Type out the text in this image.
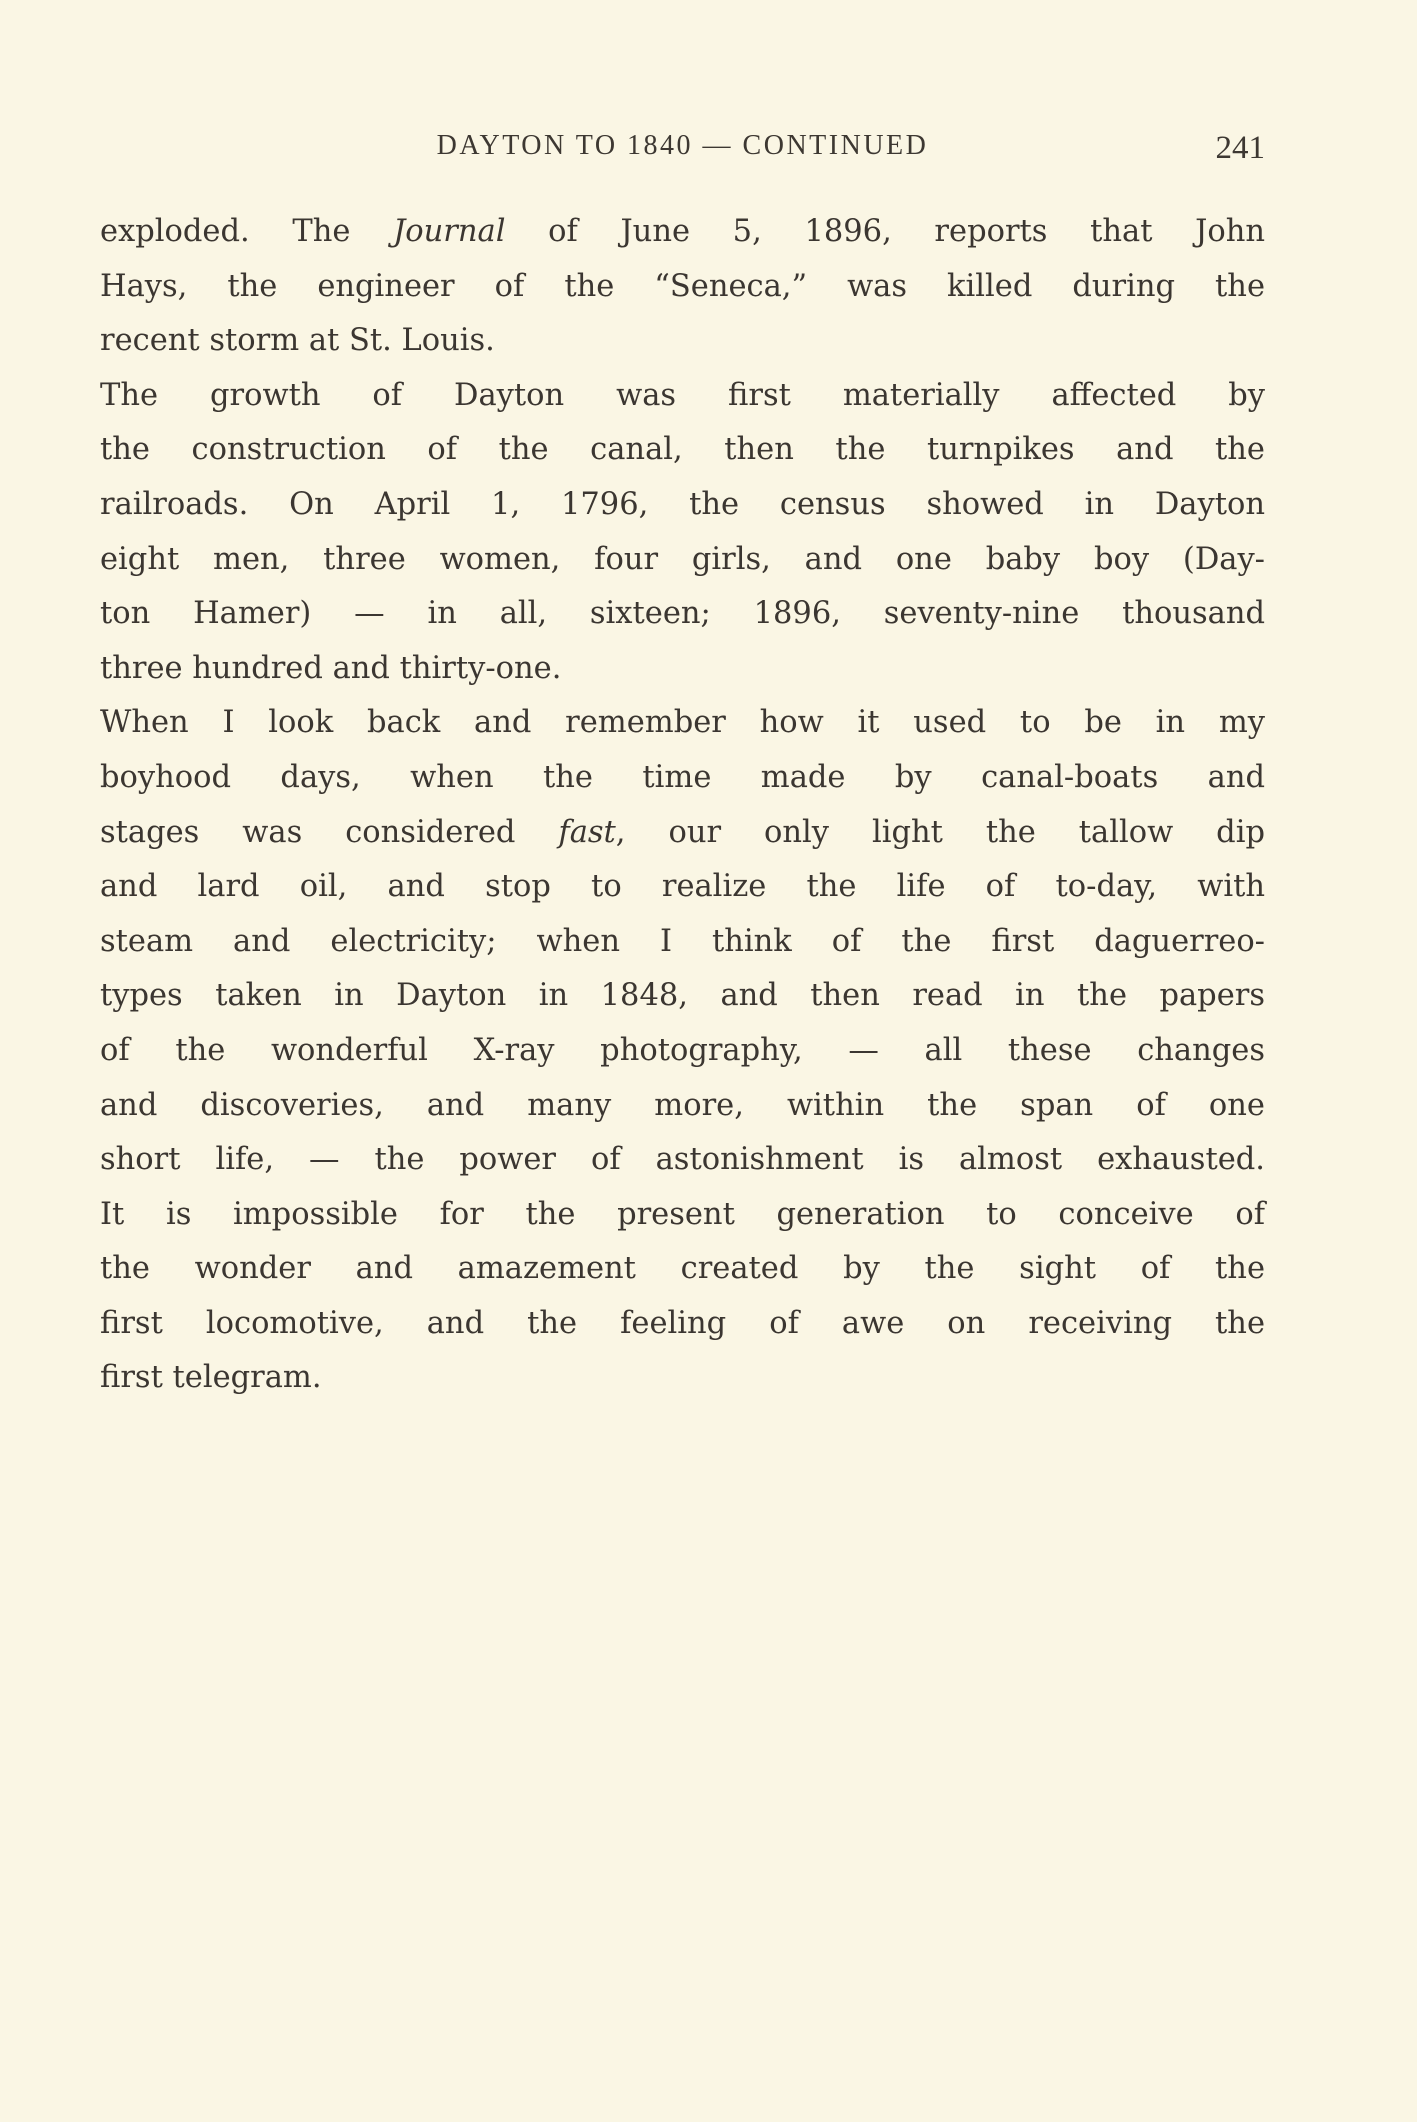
DAYTON TO 1840 — CONTINUED	241
exploded. The Journal of June 5, 1896, reports that John
Hays, the engineer of the “Seneca,” was killed during the
recent storm at St. Louis.
The growth of Dayton was first materially affected by
the construction of the canal, then the turnpikes and the
railroads. On April 1, 1796, the census showed in Dayton
eight men, three women, four girls, and one baby boy (Day-
ton Hamer) — in all, sixteen; 1896, seventy-nine thousand
three hundred and thirty-one.
When I look back and remember how it used to be in my
boyhood days, when the time made by canal-boats and
stages was considered fast, our only light the tallow dip
and lard oil, and stop to realize the life of to-day, with
steam and electricity; when I think of the first daguerreo-
types taken in Dayton in 1848, and then read in the papers
of the wonderful X-ray photography, — all these changes
and discoveries, and many more, within the span of one
short life, — the power of astonishment is almost exhausted.
It is impossible for the present generation to conceive of
the wonder and amazement created by the sight of the
first locomotive, and the feeling of awe on receiving the
first telegram.
